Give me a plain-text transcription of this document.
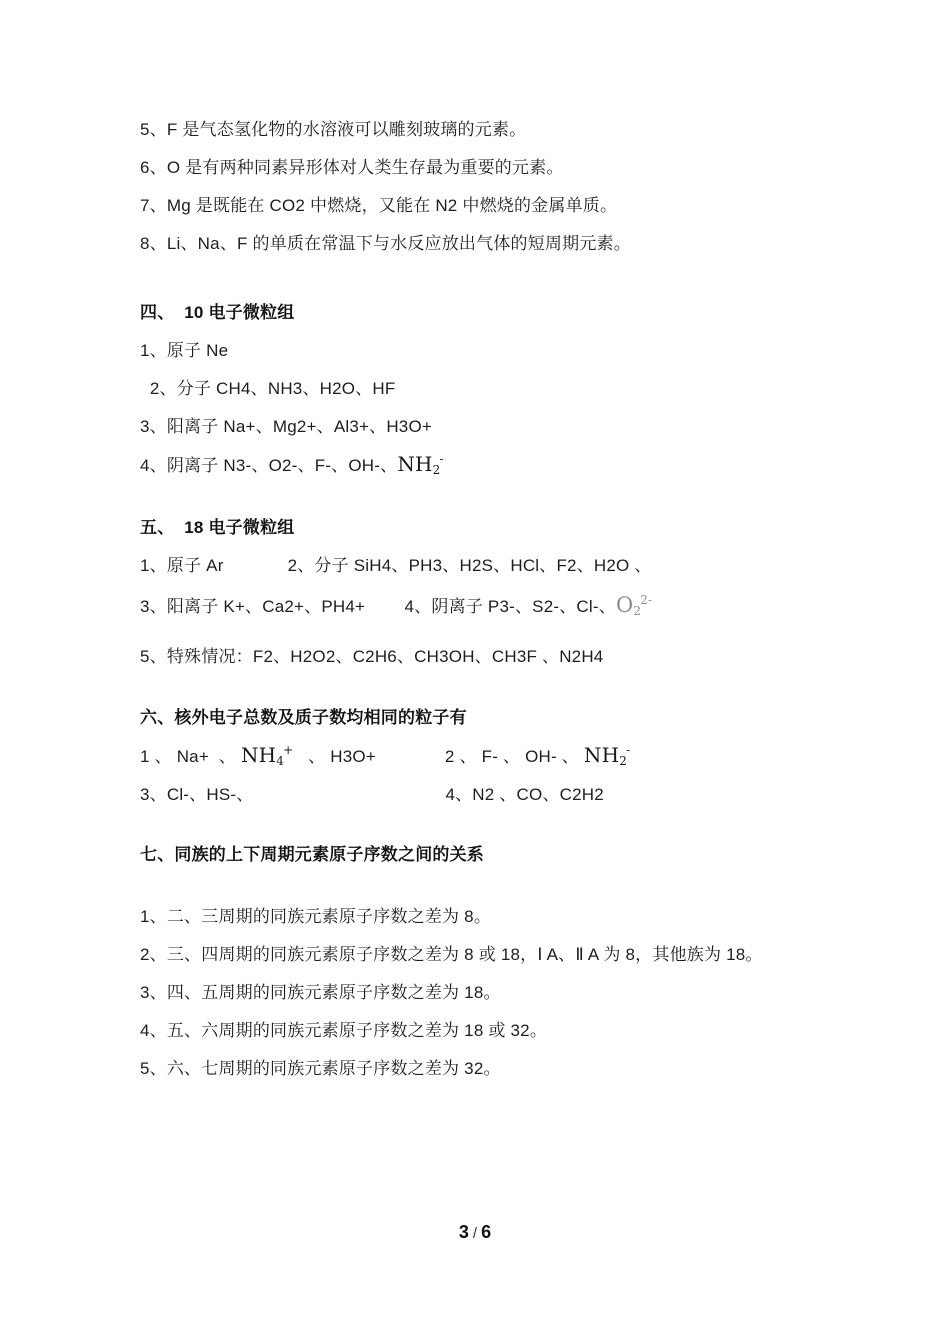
5、F 是气态氢化物的水溶液可以雕刻玻璃的元素。
6、O 是有两种同素异形体对人类生存最为重要的元素。
7、Mg 是既能在 CO2 中燃烧，又能在 N2 中燃烧的金属单质。
8、Li、Na、F 的单质在常温下与水反应放出气体的短周期元素。
四、  10 电子微粒组
1、原子 Ne
2、分子 CH4、NH3、H2O、HF
3、阳离子 Na+、Mg2+、Al3+、H3O+
4、阴离子 N3-、O2-、F-、OH-、$NH_2^-$
五、  18 电子微粒组
1、原子 Ar             2、分子 SiH4、PH3、H2S、HCl、F2、H2O 、
3、阳离子 K+、Ca2+、PH4+        4、阴离子 P3-、S2-、Cl-、$O_2^{2-}$
5、特殊情况：F2、H2O2、C2H6、CH3OH、CH3F 、N2H4
六、核外电子总数及质子数均相同的粒子有
1 、 Na+  、 $NH_4^+$   、 H3O+              2 、 F- 、 OH- 、 $NH_2^-$
3、Cl-、HS-、                                       4、N2 、CO、C2H2
七、同族的上下周期元素原子序数之间的关系
1、二、三周期的同族元素原子序数之差为 8。
2、三、四周期的同族元素原子序数之差为 8 或 18，Ⅰ A、Ⅱ A 为 8，其他族为 18。
3、四、五周期的同族元素原子序数之差为 18。
4、五、六周期的同族元素原子序数之差为 18 或 32。
5、六、七周期的同族元素原子序数之差为 32。
3 / 6
